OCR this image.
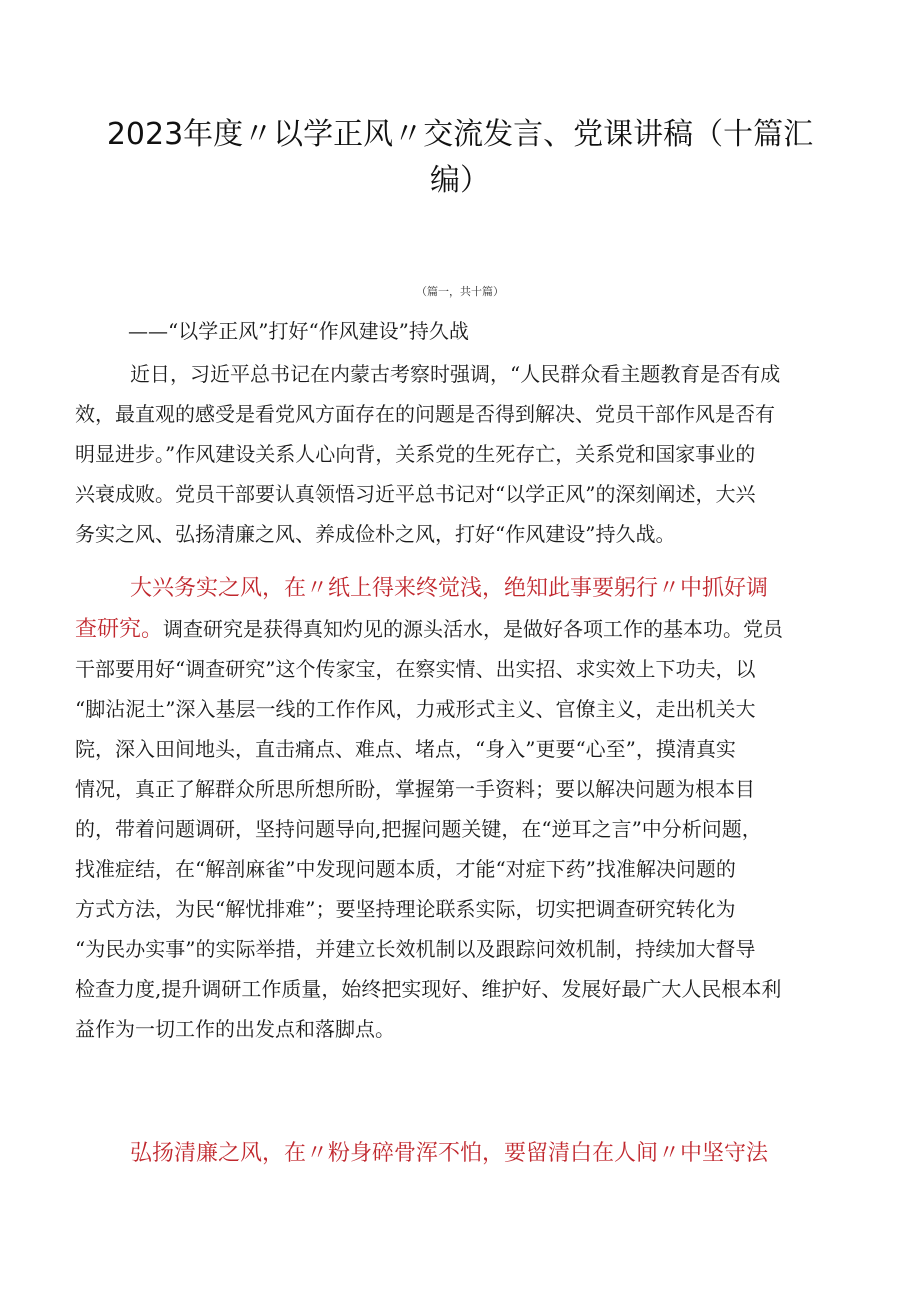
2023年度〃以学正风〃交流发言、党课讲稿（十篇汇
编）
（篇一，共十篇）
——“以学正风”打好“作风建设”持久战
近日，习近平总书记在内蒙古考察时强调，“人民群众看主题教育是否有成
效，最直观的感受是看党风方面存在的问题是否得到解决、党员干部作风是否有
明显进步。”作风建设关系人心向背，关系党的生死存亡，关系党和国家事业的
兴衰成败。党员干部要认真领悟习近平总书记对“以学正风”的深刻阐述，大兴
务实之风、弘扬清廉之风、养成俭朴之风，打好“作风建设”持久战。
大兴务实之风，在〃纸上得来终觉浅，绝知此事要躬行〃中抓好调
查研究。调查研究是获得真知灼见的源头活水，是做好各项工作的基本功。党员
干部要用好“调查研究”这个传家宝，在察实情、出实招、求实效上下功夫，以
“脚沾泥土”深入基层一线的工作作风，力戒形式主义、官僚主义，走出机关大
院，深入田间地头，直击痛点、难点、堵点，“身入”更要“心至”，摸清真实
情况，真正了解群众所思所想所盼，掌握第一手资料；要以解决问题为根本目
的，带着问题调研，坚持问题导向,把握问题关键，在“逆耳之言”中分析问题，
找准症结，在“解剖麻雀”中发现问题本质，才能“对症下药”找准解决问题的
方式方法，为民“解忧排难”；要坚持理论联系实际，切实把调查研究转化为
“为民办实事”的实际举措，并建立长效机制以及跟踪问效机制，持续加大督导
检查力度,提升调研工作质量，始终把实现好、维护好、发展好最广大人民根本利
益作为一切工作的出发点和落脚点。
弘扬清廉之风，在〃粉身碎骨浑不怕，要留清白在人间〃中坚守法
